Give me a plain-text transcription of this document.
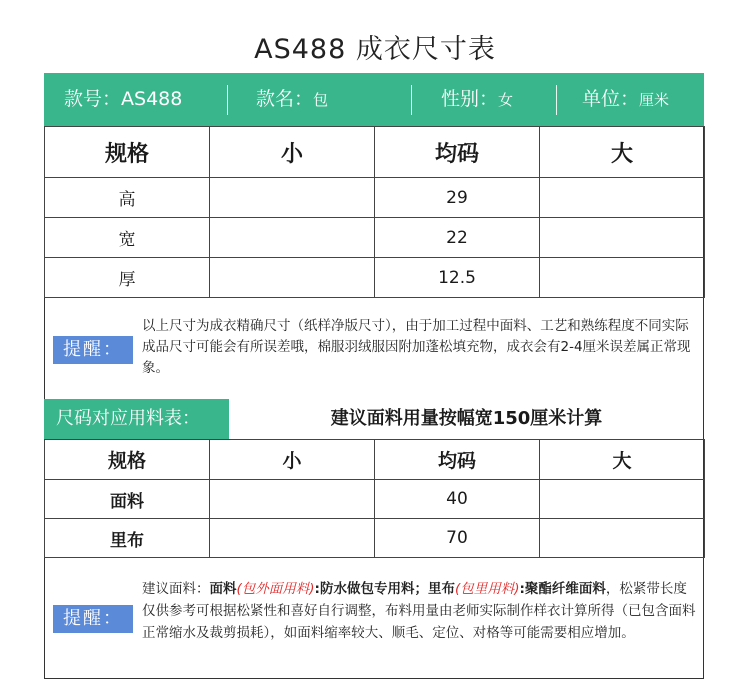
AS488 成衣尺寸表
款号：AS488	款名：包	性别：女	单位：厘米
规格	小	均码	大
高		29	
宽		22	
厚		12.5	
提醒：
以上尺寸为成衣精确尺寸（纸样净版尺寸），由于加工过程中面料、工艺和熟练程度不同实际成品尺寸可能会有所误差哦，棉服羽绒服因附加蓬松填充物，成衣会有2-4厘米误差属正常现象。
尺码对应用料表：	建议面料用量按幅宽150厘米计算
规格	小	均码	大
面料		40	
里布		70	
提醒：
建议面料：面料(包外面用料):防水做包专用料；里布(包里用料):聚酯纤维面料，松紧带长度仅供参考可根据松紧性和喜好自行调整，布料用量由老师实际制作样衣计算所得（已包含面料正常缩水及裁剪损耗），如面料缩率较大、顺毛、定位、对格等可能需要相应增加。
